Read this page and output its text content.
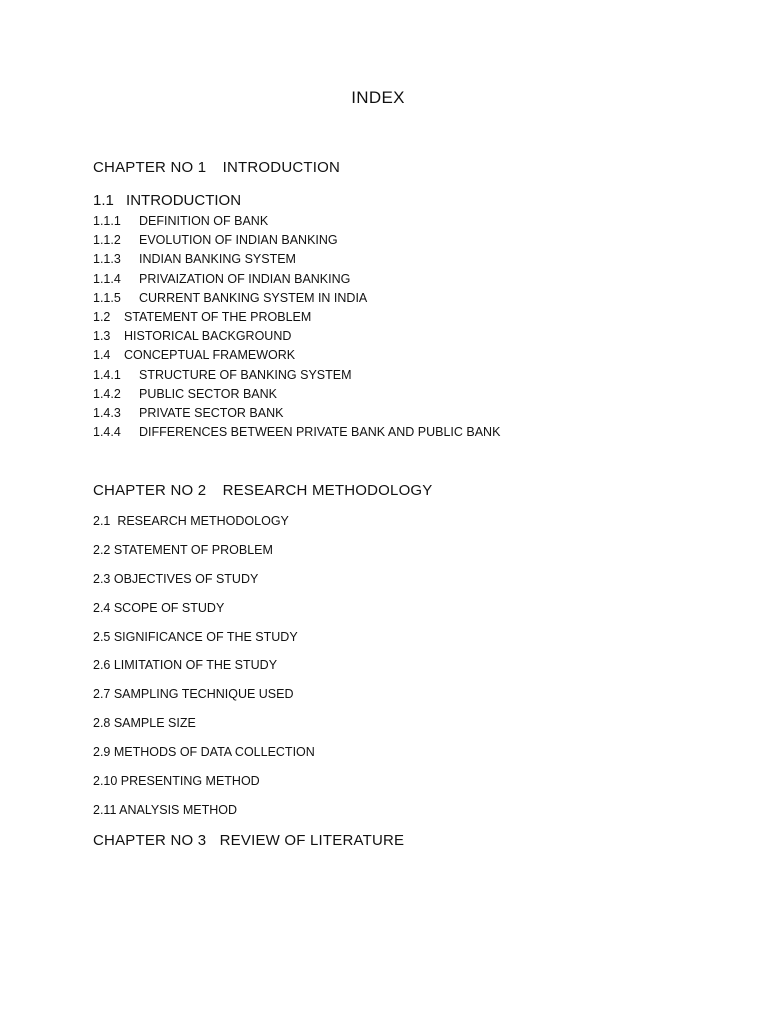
INDEX
CHAPTER NO 1 INTRODUCTION
1.1 INTRODUCTION
1.1.1 DEFINITION OF BANK
1.1.2 EVOLUTION OF INDIAN BANKING
1.1.3 INDIAN BANKING SYSTEM
1.1.4 PRIVAIZATION OF INDIAN BANKING
1.1.5 CURRENT BANKING SYSTEM IN INDIA
1.2 STATEMENT OF THE PROBLEM
1.3 HISTORICAL BACKGROUND
1.4 CONCEPTUAL FRAMEWORK
1.4.1 STRUCTURE OF BANKING SYSTEM
1.4.2 PUBLIC SECTOR BANK
1.4.3 PRIVATE SECTOR BANK
1.4.4 DIFFERENCES BETWEEN PRIVATE BANK AND PUBLIC BANK
CHAPTER NO 2 RESEARCH METHODOLOGY
2.1  RESEARCH METHODOLOGY
2.2 STATEMENT OF PROBLEM
2.3 OBJECTIVES OF STUDY
2.4 SCOPE OF STUDY
2.5 SIGNIFICANCE OF THE STUDY
2.6 LIMITATION OF THE STUDY
2.7 SAMPLING TECHNIQUE USED
2.8 SAMPLE SIZE
2.9 METHODS OF DATA COLLECTION
2.10 PRESENTING METHOD
2.11 ANALYSIS METHOD
CHAPTER NO 3 REVIEW OF LITERATURE
